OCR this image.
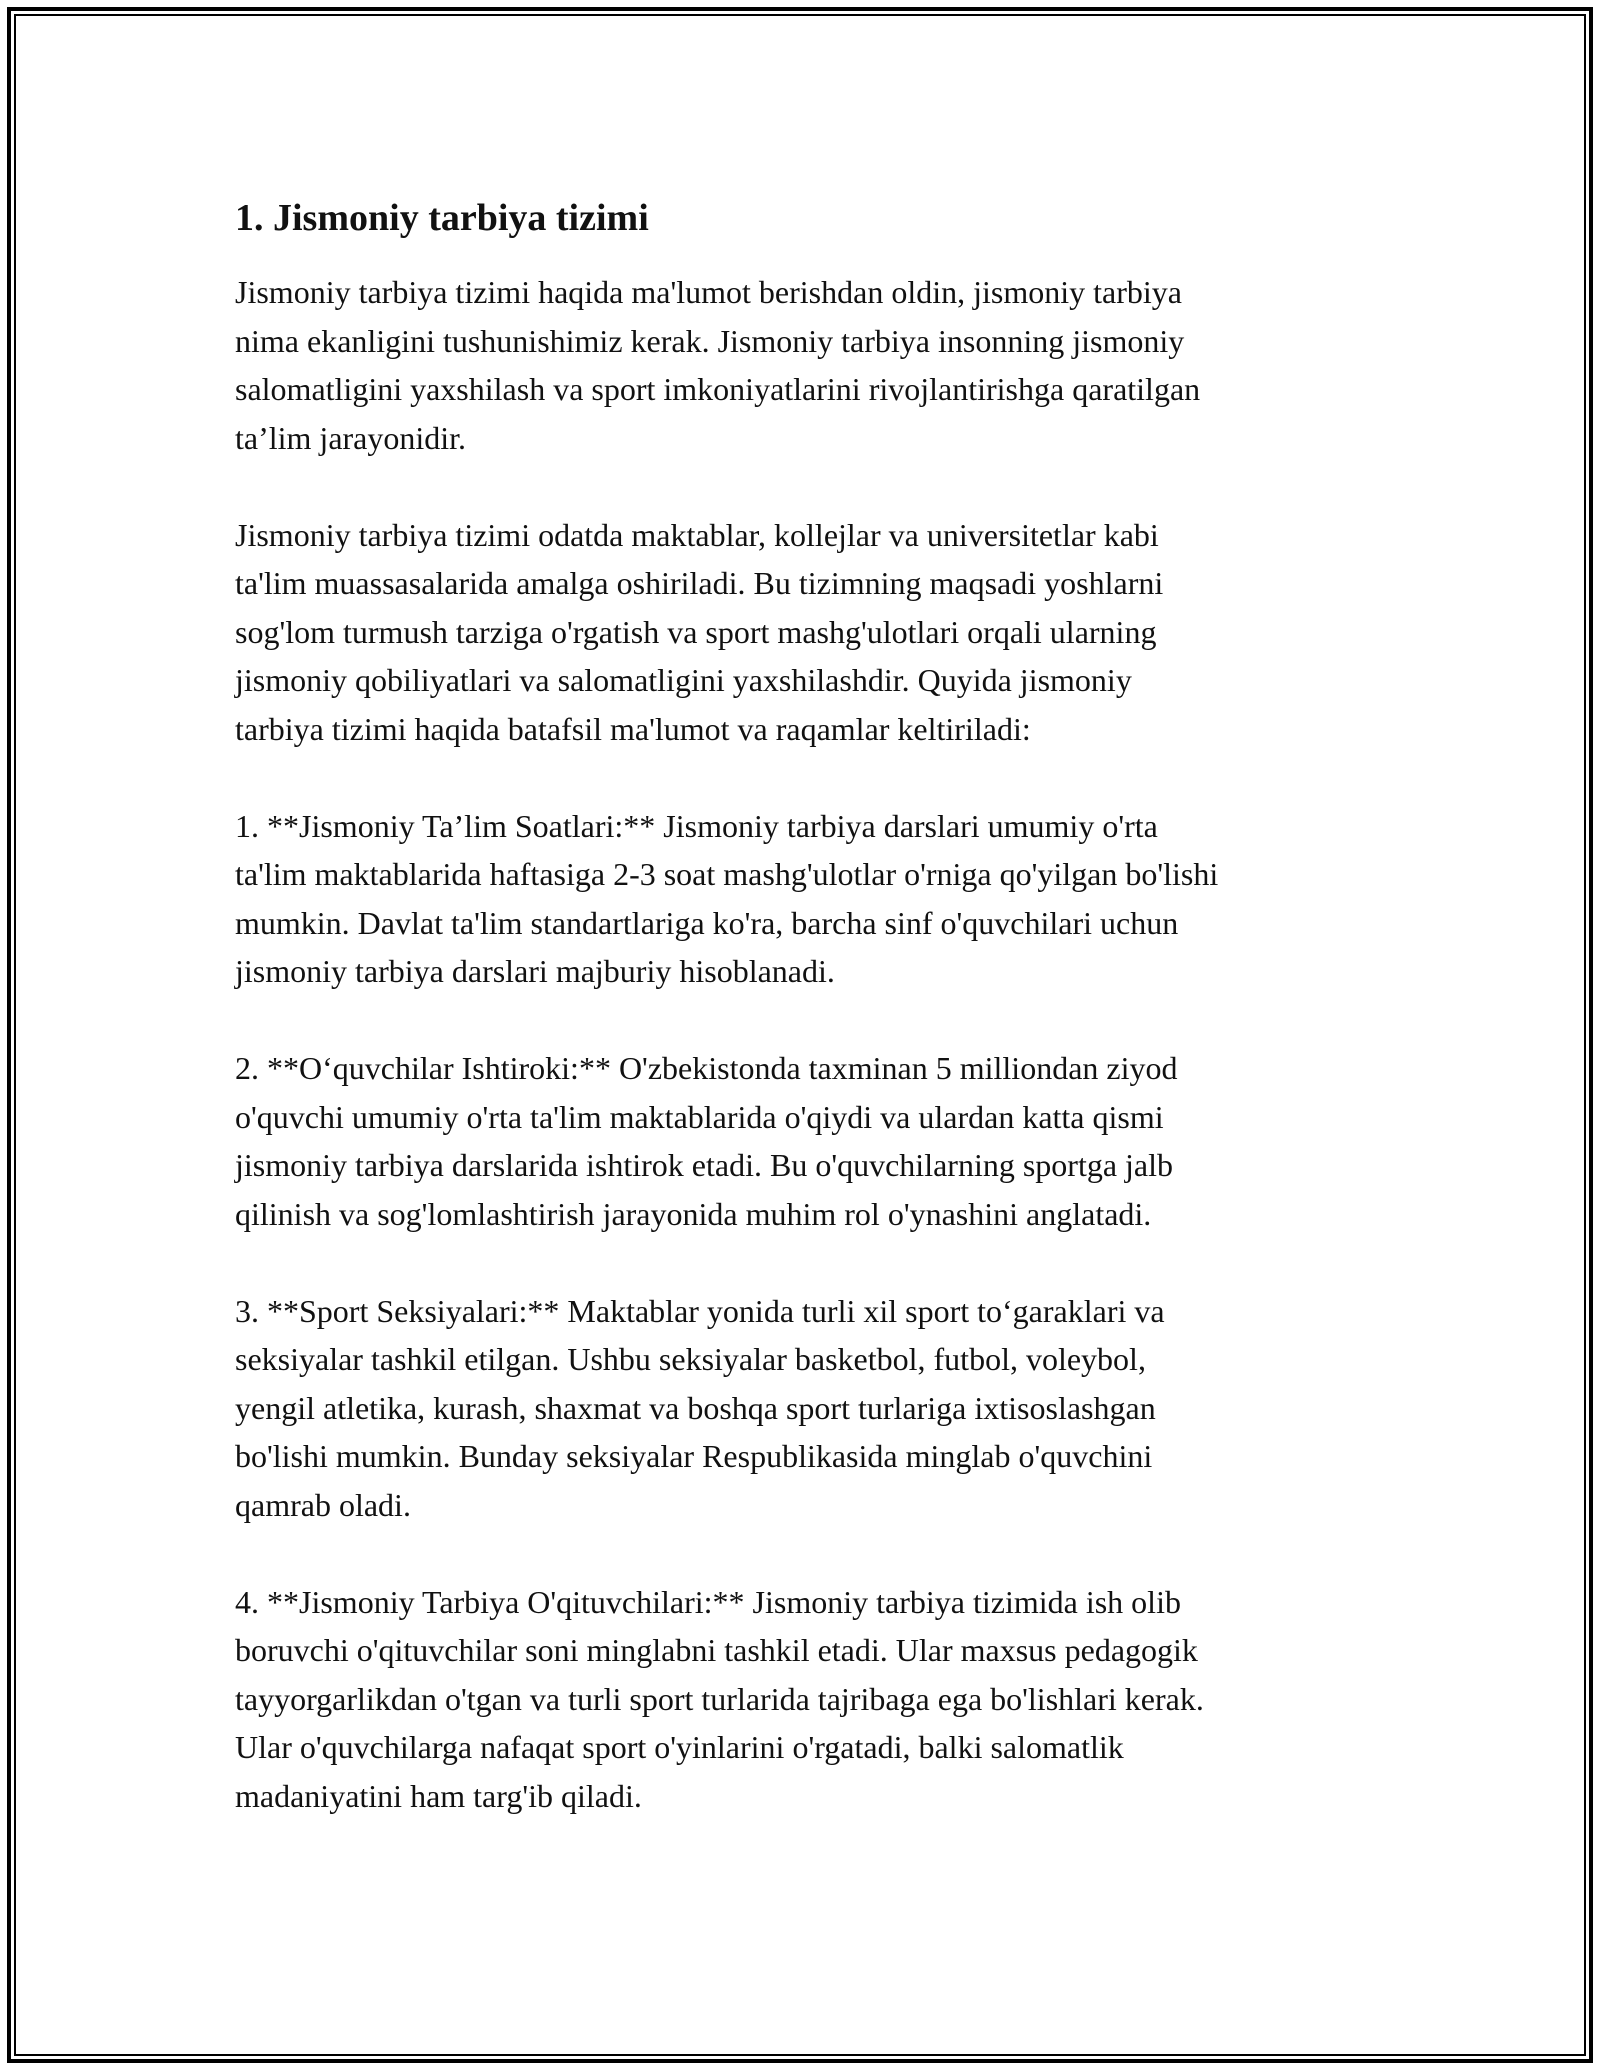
1. Jismoniy tarbiya tizimi
Jismoniy tarbiya tizimi haqida ma'lumot berishdan oldin, jismoniy tarbiya
nima ekanligini tushunishimiz kerak. Jismoniy tarbiya insonning jismoniy
salomatligini yaxshilash va sport imkoniyatlarini rivojlantirishga qaratilgan
ta’lim jarayonidir.
Jismoniy tarbiya tizimi odatda maktablar, kollejlar va universitetlar kabi
ta'lim muassasalarida amalga oshiriladi. Bu tizimning maqsadi yoshlarni
sog'lom turmush tarziga o'rgatish va sport mashg'ulotlari orqali ularning
jismoniy qobiliyatlari va salomatligini yaxshilashdir. Quyida jismoniy
tarbiya tizimi haqida batafsil ma'lumot va raqamlar keltiriladi:
1. **Jismoniy Ta’lim Soatlari:** Jismoniy tarbiya darslari umumiy o'rta
ta'lim maktablarida haftasiga 2-3 soat mashg'ulotlar o'rniga qo'yilgan bo'lishi
mumkin. Davlat ta'lim standartlariga ko'ra, barcha sinf o'quvchilari uchun
jismoniy tarbiya darslari majburiy hisoblanadi.
2. **O‘quvchilar Ishtiroki:** O'zbekistonda taxminan 5 milliondan ziyod
o'quvchi umumiy o'rta ta'lim maktablarida o'qiydi va ulardan katta qismi
jismoniy tarbiya darslarida ishtirok etadi. Bu o'quvchilarning sportga jalb
qilinish va sog'lomlashtirish jarayonida muhim rol o'ynashini anglatadi.
3. **Sport Seksiyalari:** Maktablar yonida turli xil sport to‘garaklari va
seksiyalar tashkil etilgan. Ushbu seksiyalar basketbol, futbol, voleybol,
yengil atletika, kurash, shaxmat va boshqa sport turlariga ixtisoslashgan
bo'lishi mumkin. Bunday seksiyalar Respublikasida minglab o'quvchini
qamrab oladi.
4. **Jismoniy Tarbiya O'qituvchilari:** Jismoniy tarbiya tizimida ish olib
boruvchi o'qituvchilar soni minglabni tashkil etadi. Ular maxsus pedagogik
tayyorgarlikdan o'tgan va turli sport turlarida tajribaga ega bo'lishlari kerak.
Ular o'quvchilarga nafaqat sport o'yinlarini o'rgatadi, balki salomatlik
madaniyatini ham targ'ib qiladi.
